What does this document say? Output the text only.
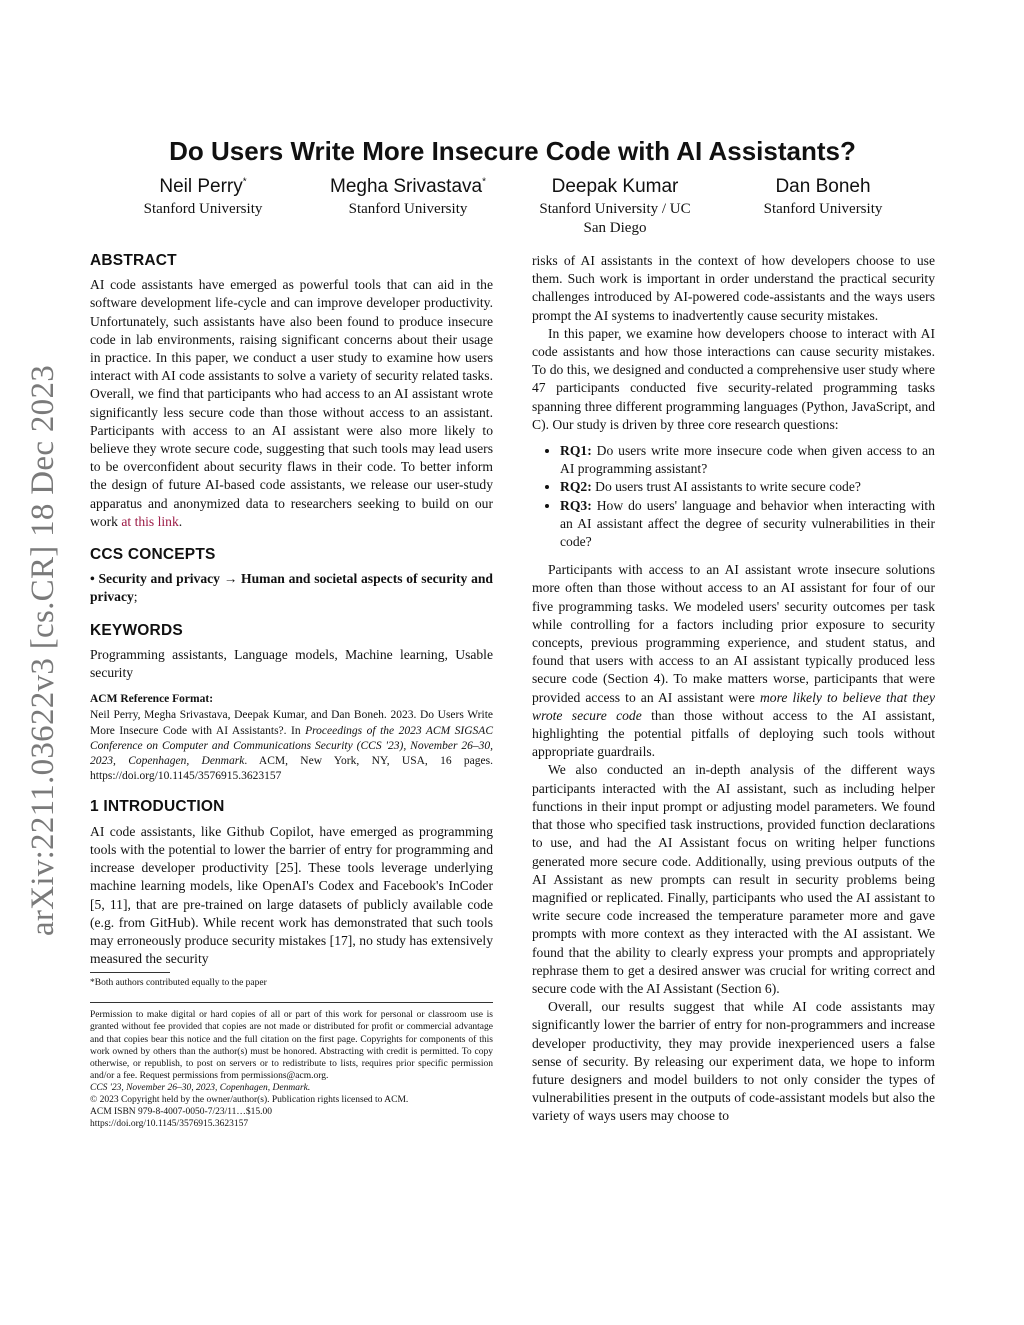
arXiv:2211.03622v3 [cs.CR] 18 Dec 2023
Do Users Write More Insecure Code with AI Assistants?
Neil Perry*
Stanford University
Megha Srivastava*
Stanford University
Deepak Kumar
Stanford University / UC San Diego
Dan Boneh
Stanford University
ABSTRACT

AI code assistants have emerged as powerful tools that can aid in the software development life-cycle and can improve developer productivity. Unfortunately, such assistants have also been found to produce insecure code in lab environments, raising significant concerns about their usage in practice. In this paper, we conduct a user study to examine how users interact with AI code assistants to solve a variety of security related tasks. Overall, we find that participants who had access to an AI assistant wrote significantly less secure code than those without access to an assistant. Participants with access to an AI assistant were also more likely to believe they wrote secure code, suggesting that such tools may lead users to be overconfident about security flaws in their code. To better inform the design of future AI-based code assistants, we release our user-study apparatus and anonymized data to researchers seeking to build on our work at this link.

CCS CONCEPTS

• Security and privacy → Human and societal aspects of security and privacy;

KEYWORDS

Programming assistants, Language models, Machine learning, Usable security

ACM Reference Format:
Neil Perry, Megha Srivastava, Deepak Kumar, and Dan Boneh. 2023. Do Users Write More Insecure Code with AI Assistants?. In Proceedings of the 2023 ACM SIGSAC Conference on Computer and Communications Security (CCS '23), November 26–30, 2023, Copenhagen, Denmark. ACM, New York, NY, USA, 16 pages. https://doi.org/10.1145/3576915.3623157
1 INTRODUCTION

AI code assistants, like Github Copilot, have emerged as programming tools with the potential to lower the barrier of entry for programming and increase developer productivity [25]. These tools leverage underlying machine learning models, like OpenAI's Codex and Facebook's InCoder [5, 11], that are pre-trained on large datasets of publicly available code (e.g. from GitHub). While recent work has demonstrated that such tools may erroneously produce security mistakes [17], no study has extensively measured the security

*Both authors contributed equally to the paper
Permission to make digital or hard copies of all or part of this work for personal or classroom use is granted without fee provided that copies are not made or distributed for profit or commercial advantage and that copies bear this notice and the full citation on the first page. Copyrights for components of this work owned by others than the author(s) must be honored. Abstracting with credit is permitted. To copy otherwise, or republish, to post on servers or to redistribute to lists, requires prior specific permission and/or a fee. Request permissions from permissions@acm.org.
CCS '23, November 26–30, 2023, Copenhagen, Denmark.
© 2023 Copyright held by the owner/author(s). Publication rights licensed to ACM.
ACM ISBN 979-8-4007-0050-7/23/11…$15.00
https://doi.org/10.1145/3576915.3623157

risks of AI assistants in the context of how developers choose to use them. Such work is important in order understand the practical security challenges introduced by AI-powered code-assistants and the ways users prompt the AI systems to inadvertently cause security mistakes.

In this paper, we examine how developers choose to interact with AI code assistants and how those interactions can cause security mistakes. To do this, we designed and conducted a comprehensive user study where 47 participants conducted five security-related programming tasks spanning three different programming languages (Python, JavaScript, and C). Our study is driven by three core research questions:

• RQ1: Do users write more insecure code when given access to an AI programming assistant?
• RQ2: Do users trust AI assistants to write secure code?
• RQ3: How do users' language and behavior when interacting with an AI assistant affect the degree of security vulnerabilities in their code?

Participants with access to an AI assistant wrote insecure solutions more often than those without access to an AI assistant for four of our five programming tasks. We modeled users' security outcomes per task while controlling for a factors including prior exposure to security concepts, previous programming experience, and student status, and found that users with access to an AI assistant typically produced less secure code (Section 4). To make matters worse, participants that were provided access to an AI assistant were more likely to believe that they wrote secure code than those without access to the AI assistant, highlighting the potential pitfalls of deploying such tools without appropriate guardrails.

We also conducted an in-depth analysis of the different ways participants interacted with the AI assistant, such as including helper functions in their input prompt or adjusting model parameters. We found that those who specified task instructions, provided function declarations to use, and had the AI Assistant focus on writing helper functions generated more secure code. Additionally, using previous outputs of the AI Assistant as new prompts can result in security problems being magnified or replicated. Finally, participants who used the AI assistant to write secure code increased the temperature parameter more and gave prompts with more context as they interacted with the AI assistant. We found that the ability to clearly express your prompts and appropriately rephrase them to get a desired answer was crucial for writing correct and secure code with the AI Assistant (Section 6).

Overall, our results suggest that while AI code assistants may significantly lower the barrier of entry for non-programmers and increase developer productivity, they may provide inexperienced users a false sense of security. By releasing our experiment data, we hope to inform future designers and model builders to not only consider the types of vulnerabilities present in the outputs of code-assistant models but also the variety of ways users may choose to
